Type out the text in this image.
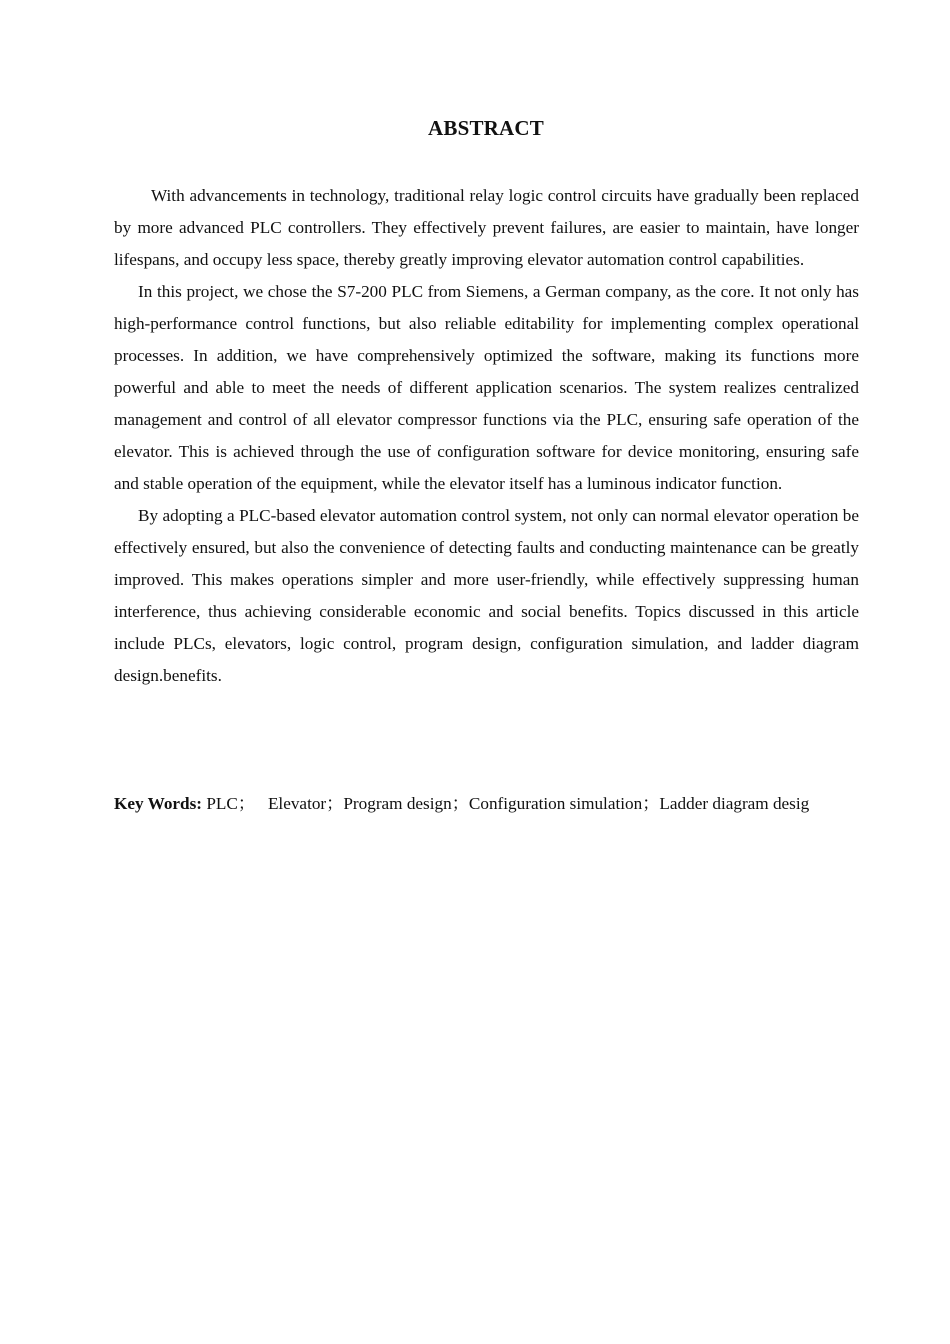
ABSTRACT

With advancements in technology, traditional relay logic control circuits have gradually been replaced by more advanced PLC controllers. They effectively prevent failures, are easier to maintain, have longer lifespans, and occupy less space, thereby greatly improving elevator automation control capabilities.

In this project, we chose the S7-200 PLC from Siemens, a German company, as the core. It not only has high-performance control functions, but also reliable editability for implementing complex operational processes. In addition, we have comprehensively optimized the software, making its functions more powerful and able to meet the needs of different application scenarios. The system realizes centralized management and control of all elevator compressor functions via the PLC, ensuring safe operation of the elevator. This is achieved through the use of configuration software for device monitoring, ensuring safe and stable operation of the equipment, while the elevator itself has a luminous indicator function.

By adopting a PLC-based elevator automation control system, not only can normal elevator operation be effectively ensured, but also the convenience of detecting faults and conducting maintenance can be greatly improved. This makes operations simpler and more user-friendly, while effectively suppressing human interference, thus achieving considerable economic and social benefits. Topics discussed in this article include PLCs, elevators, logic control, program design, configuration simulation, and ladder diagram design.benefits.

Key Words: PLC； Elevator；Program design；Configuration simulation；Ladder diagram desig
